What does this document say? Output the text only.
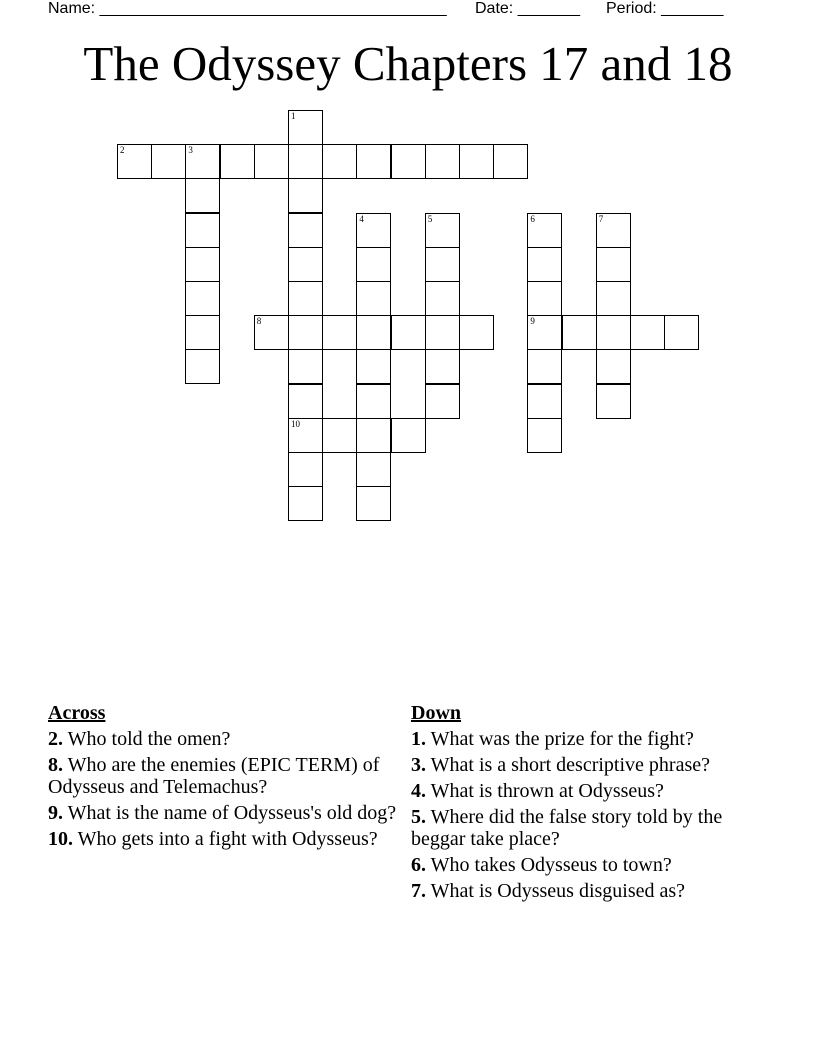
Name: _______________________________________ Date: _______ Period: _______
The Odyssey Chapters 17 and 18
1
10
2	3
4	5	6
9
7
8
Across
2. Who told the omen?
8. Who are the enemies (EPIC TERM) of Odysseus and Telemachus?
9. What is the name of Odysseus's old dog?
10. Who gets into a fight with Odysseus?
Down
1. What was the prize for the fight?
3. What is a short descriptive phrase?
4. What is thrown at Odysseus?
5. Where did the false story told by the beggar take place?
6. Who takes Odysseus to town?
7. What is Odysseus disguised as?
